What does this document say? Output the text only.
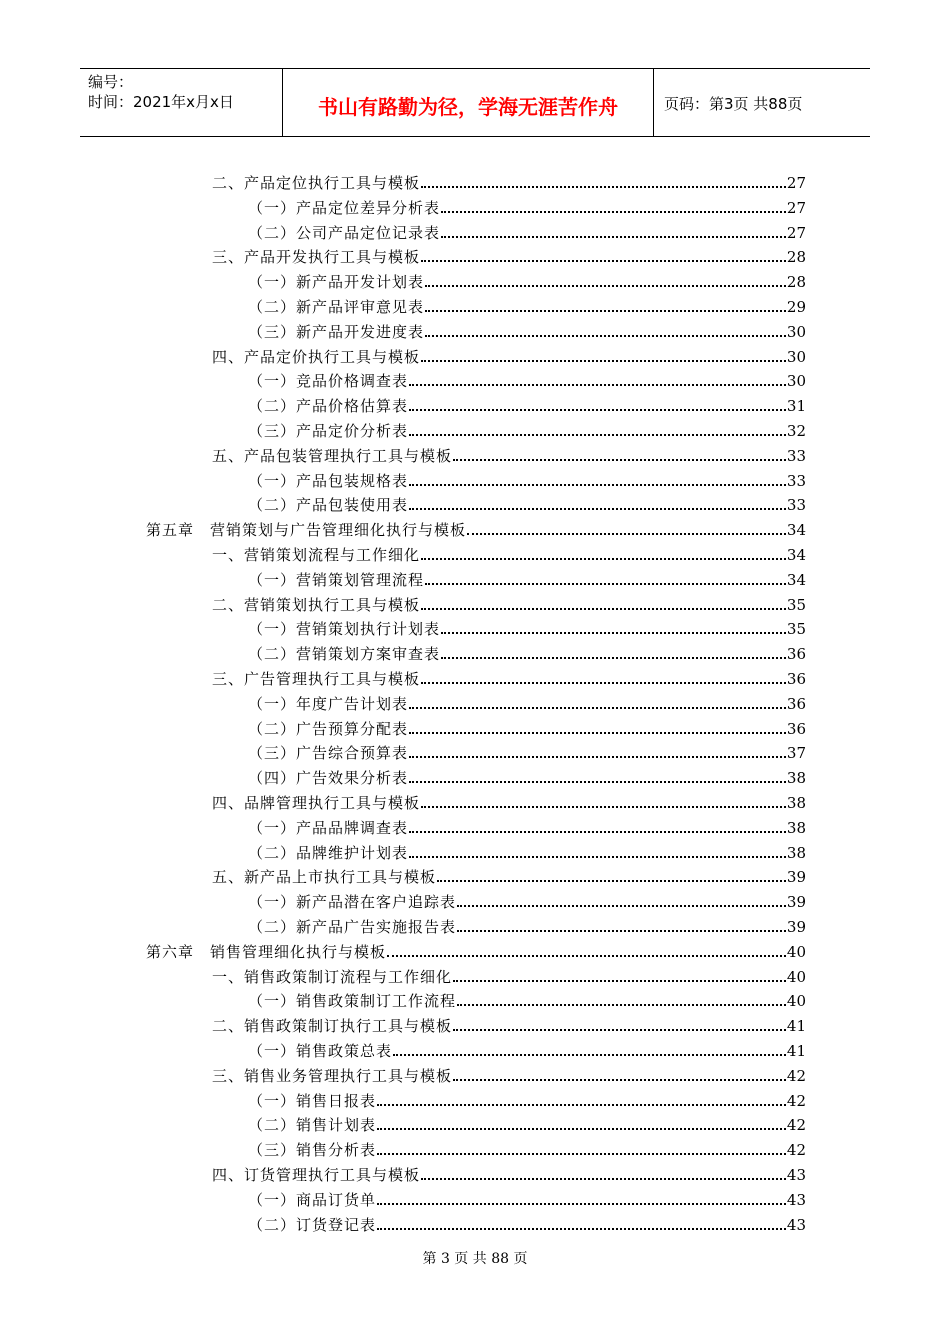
编号：
时间：2021年x月x日	书山有路勤为径，学海无涯苦作舟	页码：第3页 共88页
二、产品定位执行工具与模板	27
（一）产品定位差异分析表	27
（二）公司产品定位记录表	27
三、产品开发执行工具与模板	28
（一）新产品开发计划表	28
（二）新产品评审意见表	29
（三）新产品开发进度表	30
四、产品定价执行工具与模板	30
（一）竞品价格调查表	30
（二）产品价格估算表	31
（三）产品定价分析表	32
五、产品包装管理执行工具与模板	33
（一）产品包装规格表	33
（二）产品包装使用表	33
第五章　营销策划与广告管理细化执行与模板	34
一、营销策划流程与工作细化	34
（一）营销策划管理流程	34
二、营销策划执行工具与模板	35
（一）营销策划执行计划表	35
（二）营销策划方案审查表	36
三、广告管理执行工具与模板	36
（一）年度广告计划表	36
（二）广告预算分配表	36
（三）广告综合预算表	37
（四）广告效果分析表	38
四、品牌管理执行工具与模板	38
（一）产品品牌调查表	38
（二）品牌维护计划表	38
五、新产品上市执行工具与模板	39
（一）新产品潜在客户追踪表	39
（二）新产品广告实施报告表	39
第六章　销售管理细化执行与模板	40
一、销售政策制订流程与工作细化	40
（一）销售政策制订工作流程	40
二、销售政策制订执行工具与模板	41
（一）销售政策总表	41
三、销售业务管理执行工具与模板	42
（一）销售日报表	42
（二）销售计划表	42
（三）销售分析表	42
四、订货管理执行工具与模板	43
（一）商品订货单	43
（二）订货登记表	43
第 3 页 共 88 页
